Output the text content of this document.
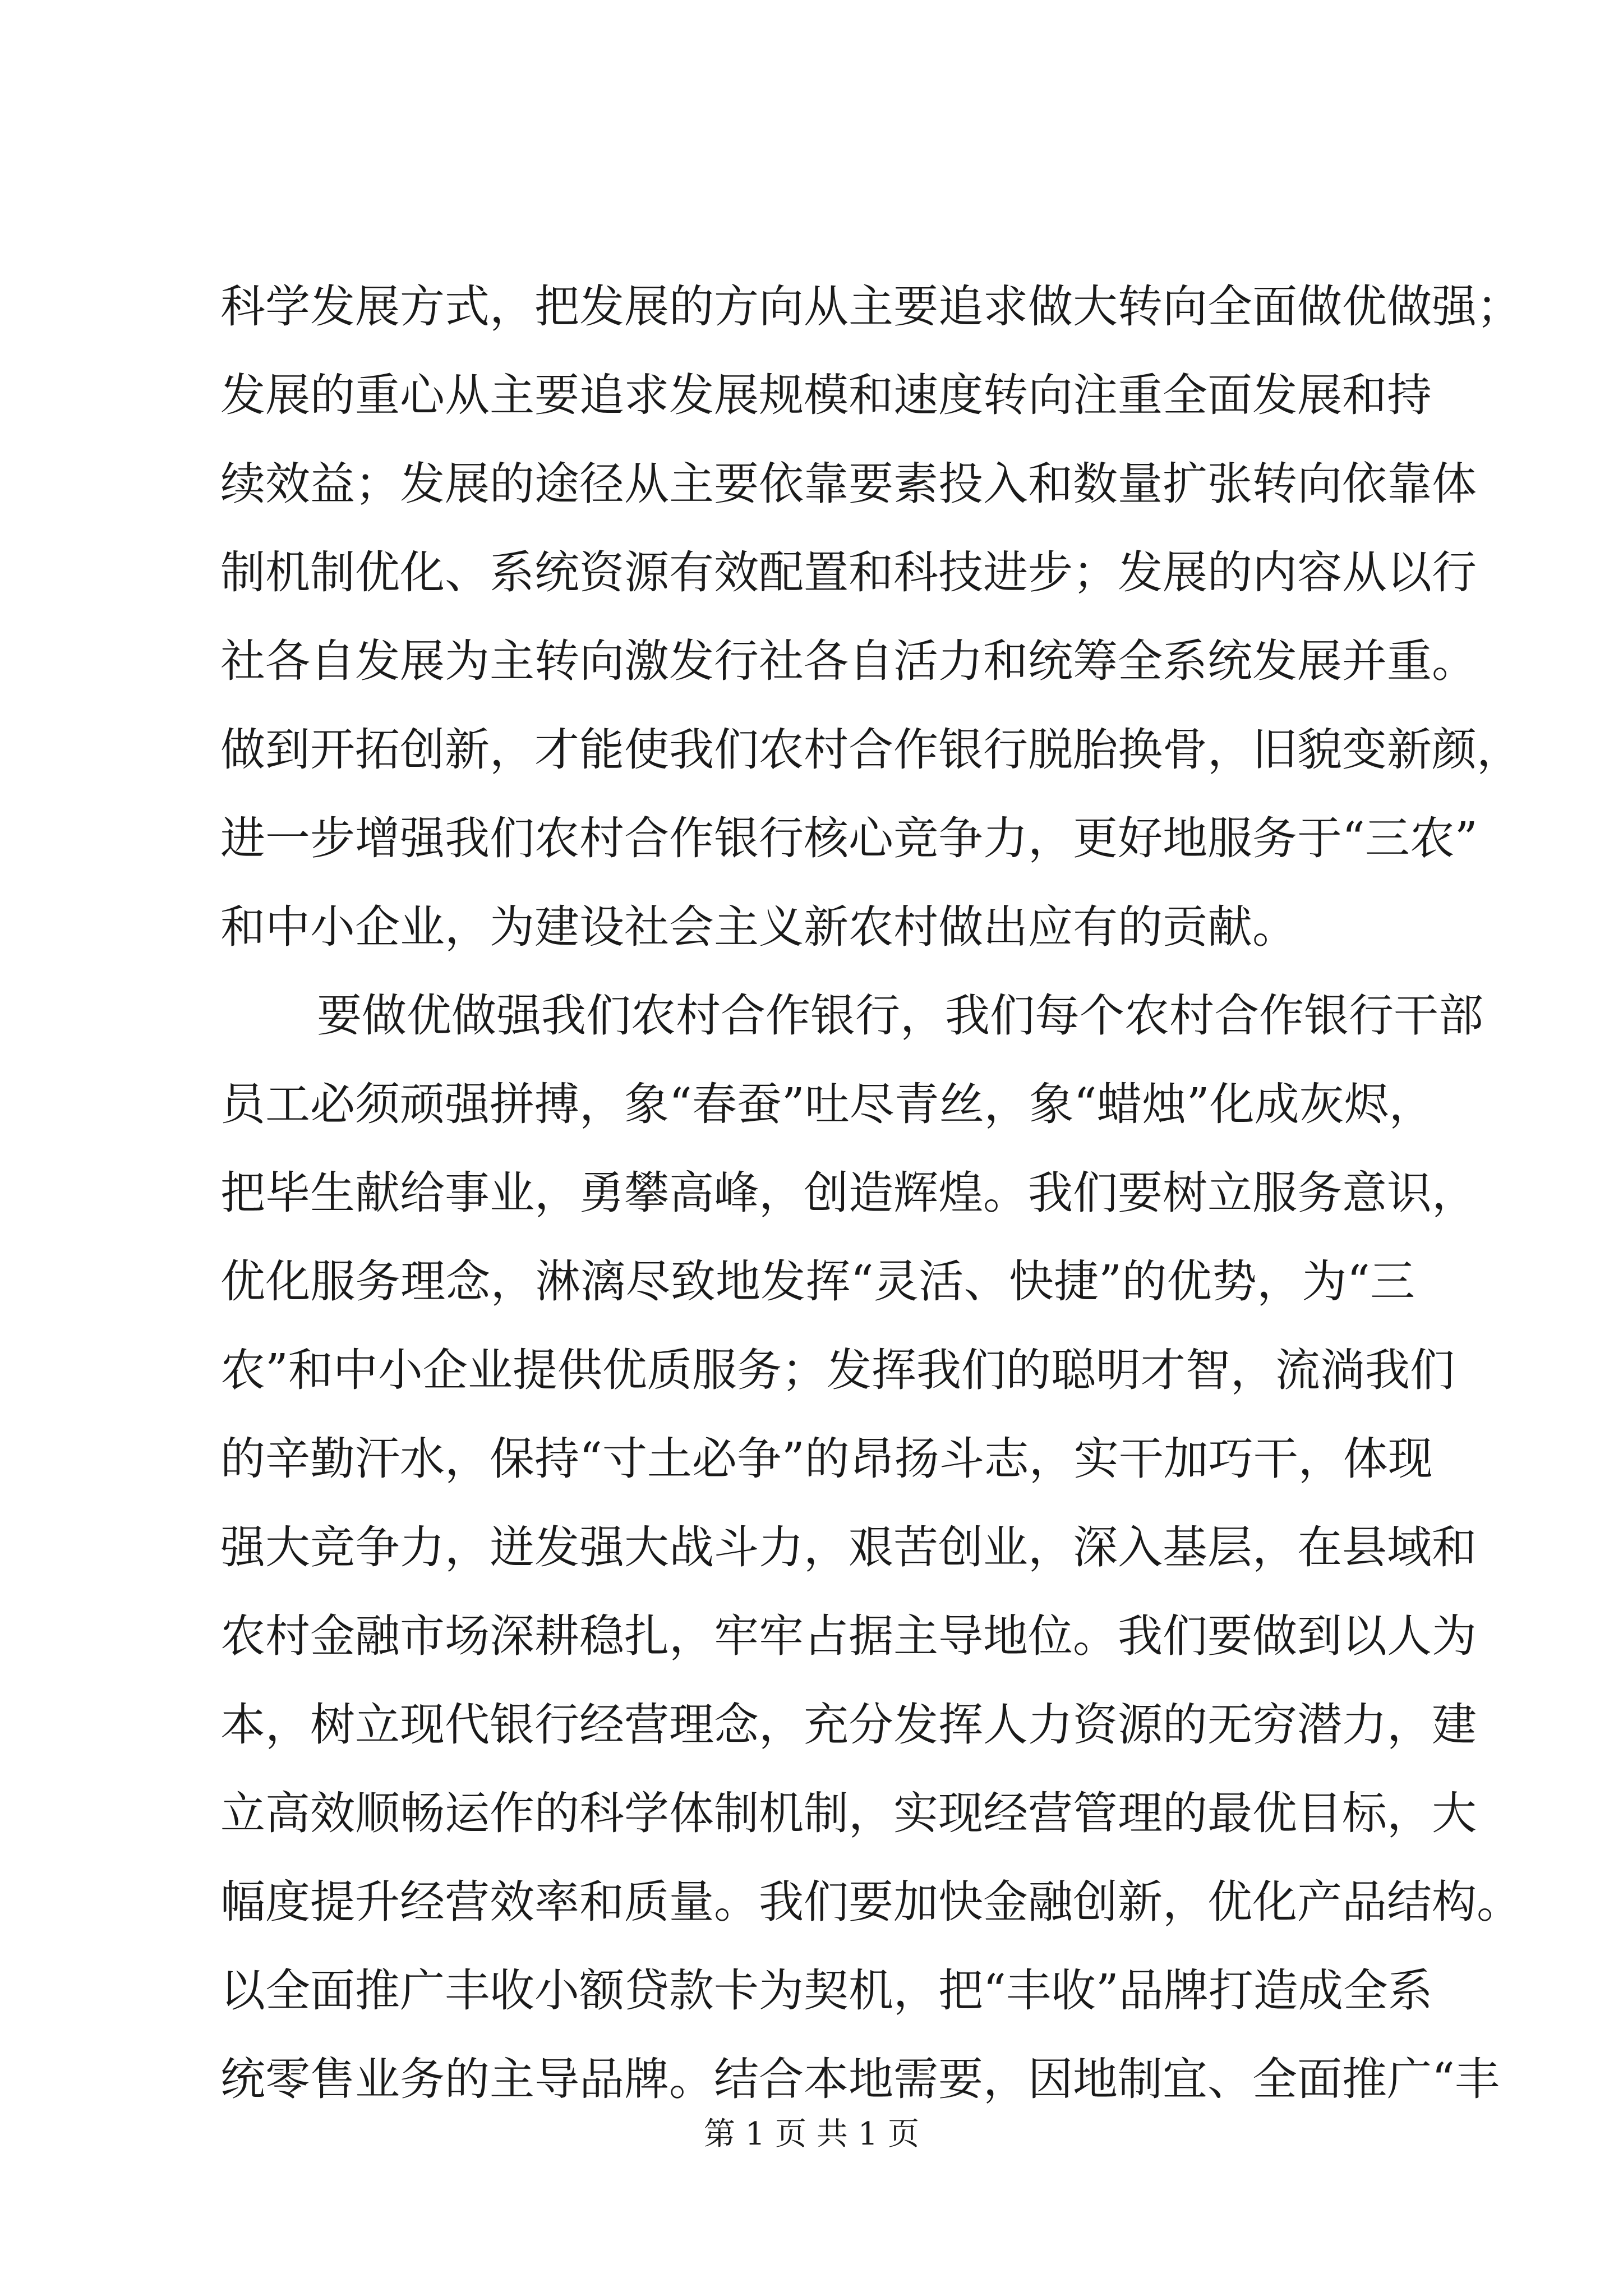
科学发展方式，把发展的方向从主要追求做大转向全面做优做强；
发展的重心从主要追求发展规模和速度转向注重全面发展和持
续效益；发展的途径从主要依靠要素投入和数量扩张转向依靠体
制机制优化、系统资源有效配置和科技进步；发展的内容从以行
社各自发展为主转向激发行社各自活力和统筹全系统发展并重。
做到开拓创新，才能使我们农村合作银行脱胎换骨，旧貌变新颜，
进一步增强我们农村合作银行核心竞争力，更好地服务于“三农”
和中小企业，为建设社会主义新农村做出应有的贡献。
要做优做强我们农村合作银行，我们每个农村合作银行干部
员工必须顽强拼搏，象“春蚕”吐尽青丝，象“蜡烛”化成灰烬，
把毕生献给事业，勇攀高峰，创造辉煌。我们要树立服务意识，
优化服务理念，淋漓尽致地发挥“灵活、快捷”的优势，为“三
农”和中小企业提供优质服务；发挥我们的聪明才智，流淌我们
的辛勤汗水，保持“寸土必争”的昂扬斗志，实干加巧干，体现
强大竞争力，迸发强大战斗力，艰苦创业，深入基层，在县域和
农村金融市场深耕稳扎，牢牢占据主导地位。我们要做到以人为
本，树立现代银行经营理念，充分发挥人力资源的无穷潜力，建
立高效顺畅运作的科学体制机制，实现经营管理的最优目标，大
幅度提升经营效率和质量。我们要加快金融创新，优化产品结构。
以全面推广丰收小额贷款卡为契机，把“丰收”品牌打造成全系
统零售业务的主导品牌。结合本地需要，因地制宜、全面推广“丰
第 1 页 共 1 页
